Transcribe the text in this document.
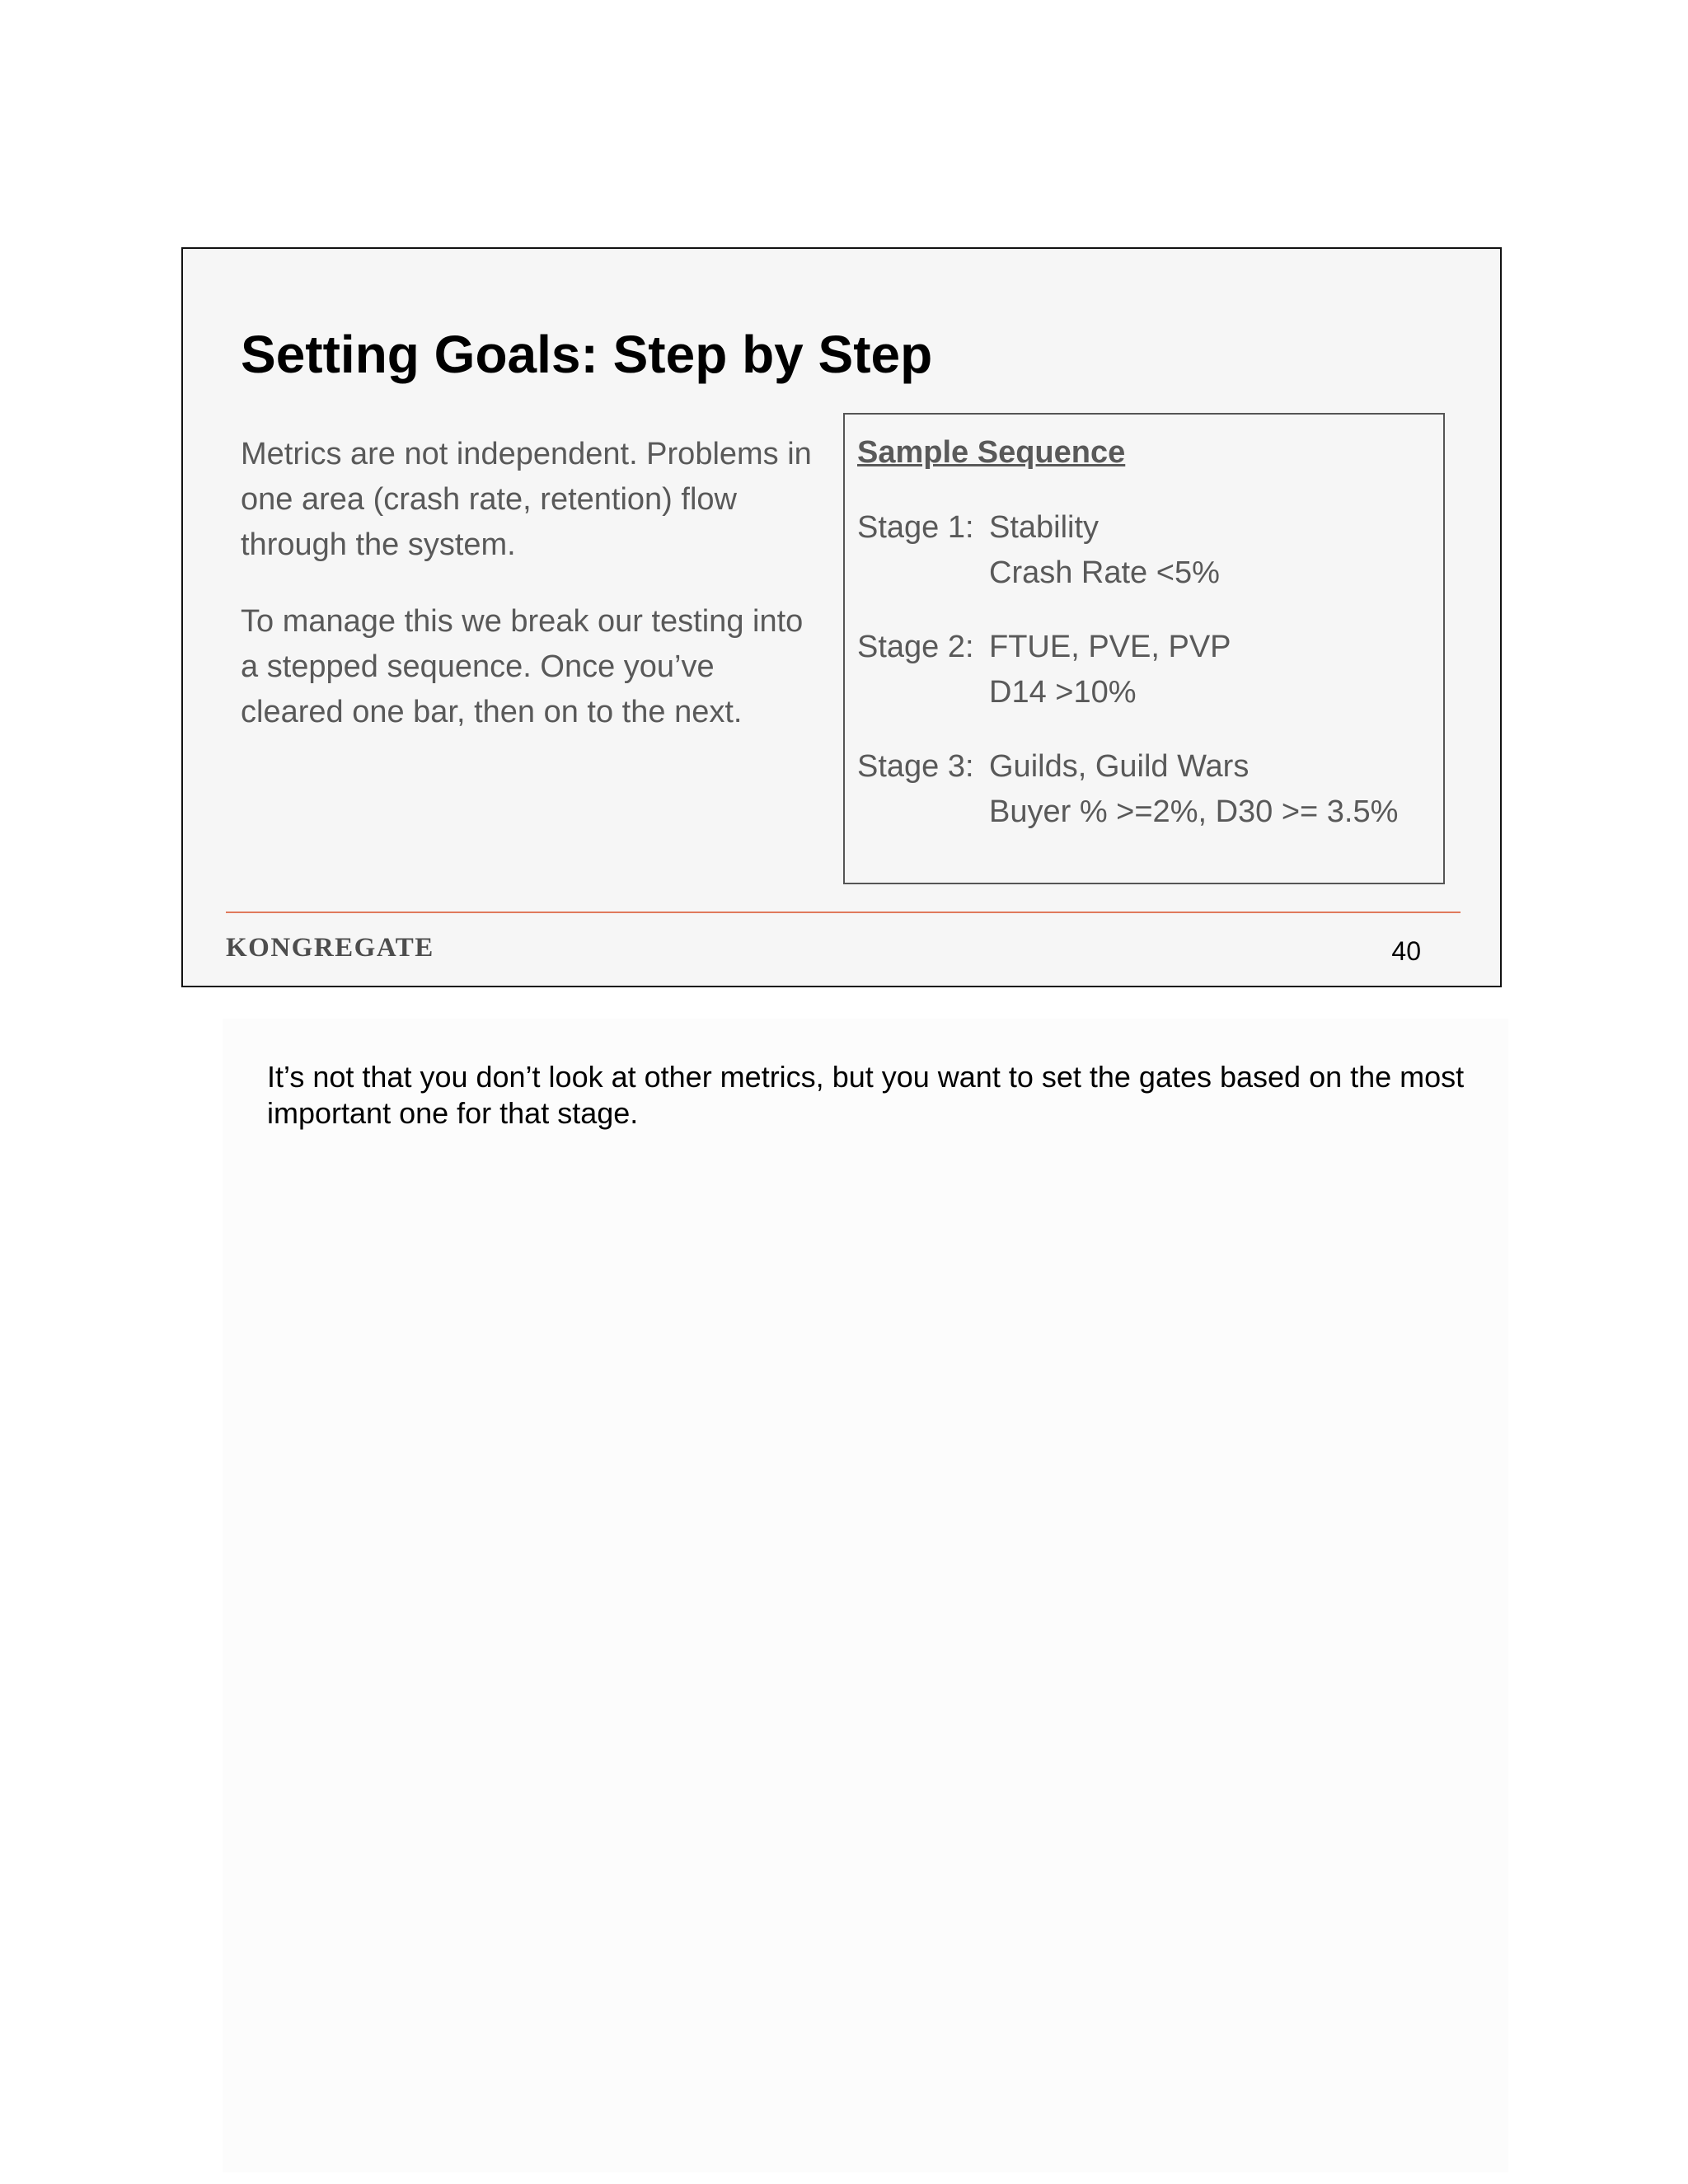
Setting Goals: Step by Step

Metrics are not independent. Problems in one area (crash rate, retention) flow through the system.

To manage this we break our testing into a stepped sequence. Once you’ve cleared one bar, then on to the next.

Sample Sequence
Stage 1: Stability
Crash Rate <5%
Stage 2: FTUE, PVE, PVP
D14 >10%
Stage 3: Guilds, Guild Wars
Buyer % >=2%, D30 >= 3.5%
KONGREGATE	40
It’s not that you don’t look at other metrics, but you want to set the gates based on the most important one for that stage.
